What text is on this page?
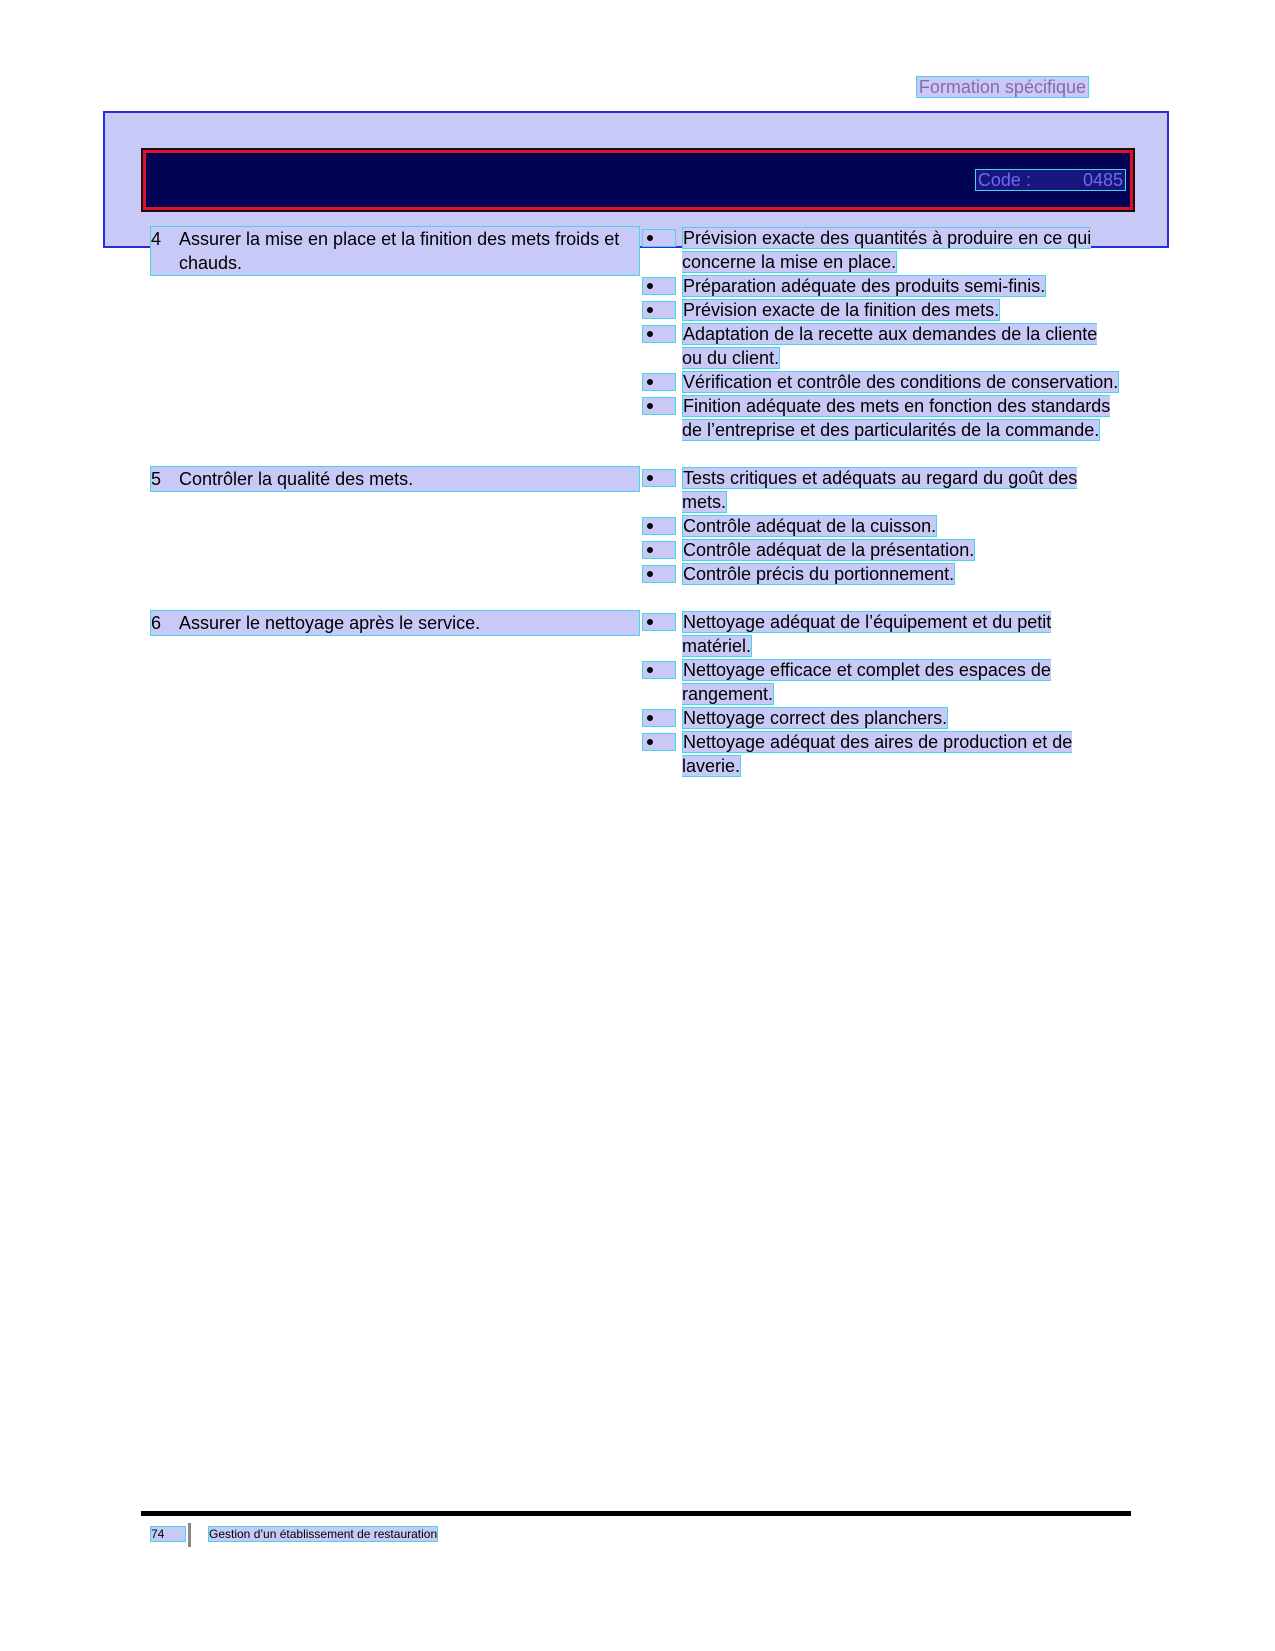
Formation spécifique
Code :	0485
4 Assurer la mise en place et la finition des mets froids et chauds.
Prévision exacte des quantités à produire en ce qui concerne la mise en place.
Préparation adéquate des produits semi-finis.
Prévision exacte de la finition des mets.
Adaptation de la recette aux demandes de la cliente ou du client.
Vérification et contrôle des conditions de conservation.
Finition adéquate des mets en fonction des standards de l’entreprise et des particularités de la commande.
5 Contrôler la qualité des mets.	Tests critiques et adéquats au regard du goût des mets.
Contrôle adéquat de la cuisson.
Contrôle adéquat de la présentation.
Contrôle précis du portionnement.
6 Assurer le nettoyage après le service.	Nettoyage adéquat de l’équipement et du petit matériel.
Nettoyage efficace et complet des espaces de rangement.
Nettoyage correct des planchers.
Nettoyage adéquat des aires de production et de laverie.
74	Gestion d’un établissement de restauration
